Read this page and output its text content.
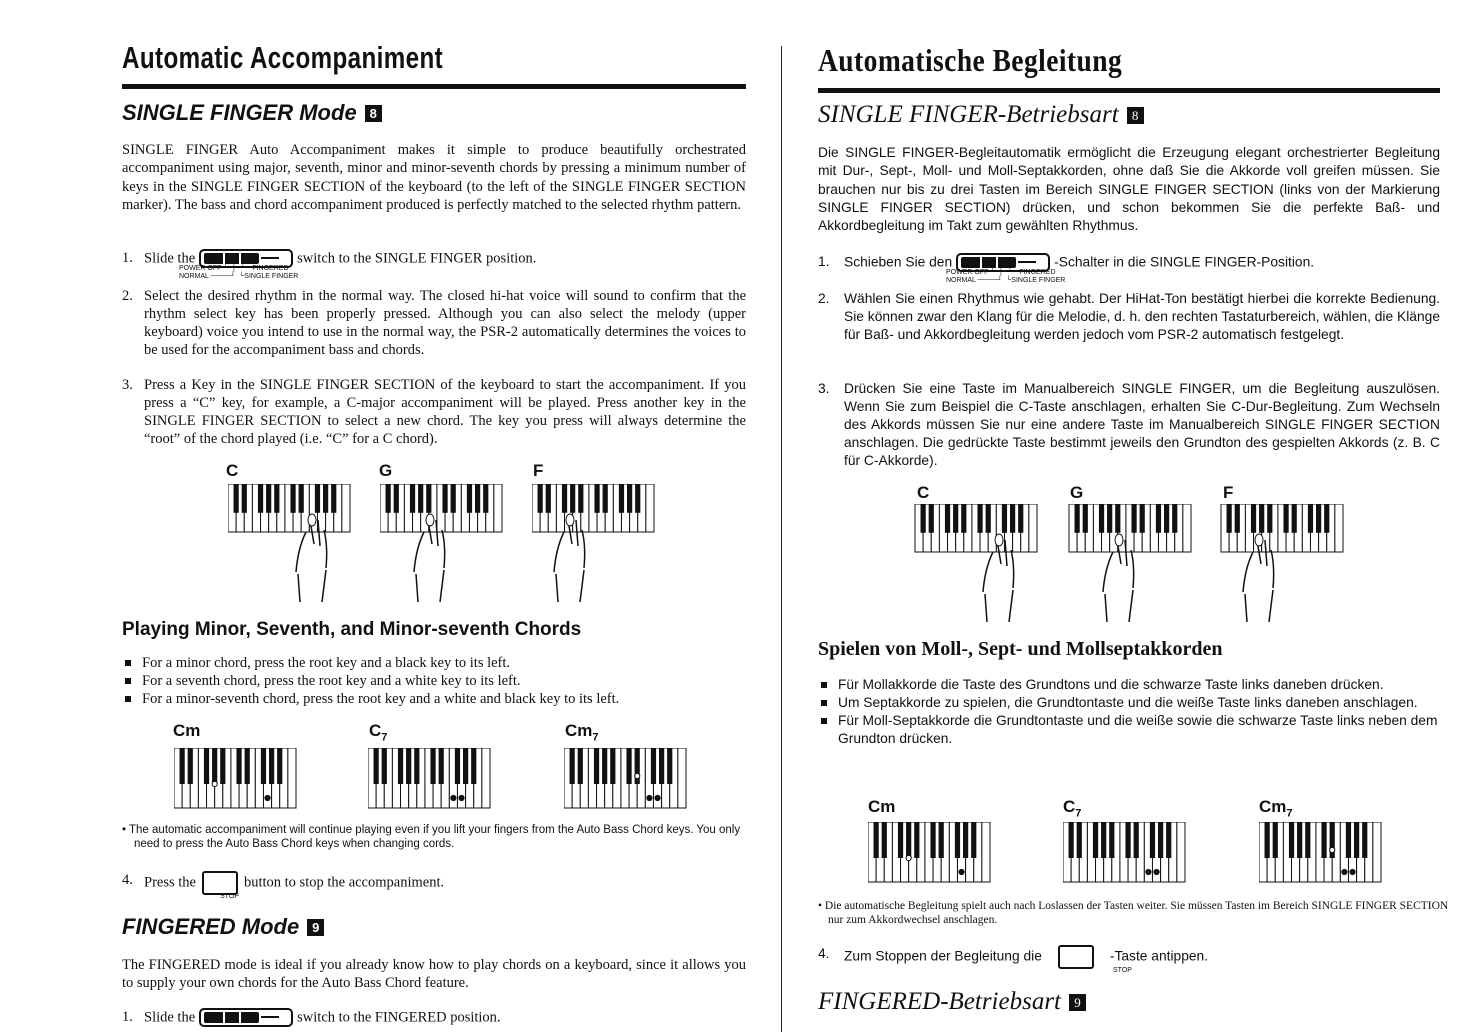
Automatic Accompaniment
SINGLE FINGER Mode 8
SINGLE FINGER Auto Accompaniment makes it simple to produce beautifully orchestrated accompaniment using major, seventh, minor and minor-seventh chords by pressing a minimum number of keys in the SINGLE FINGER SECTION of the keyboard (to the left of the SINGLE FINGER SECTION marker). The bass and chord accompaniment produced is perfectly matched to the selected rhythm pattern.
1. Slide the	switch to the SINGLE FINGER position.
POWER OFF ┘  │  └─ FINGERED
NORMAL ────┘  └SINGLE FINGER
2. Select the desired rhythm in the normal way. The closed hi-hat voice will sound to confirm that the rhythm select key has been properly pressed. Although you can also select the melody (upper keyboard) voice you intend to use in the normal way, the PSR-2 automatically determines the voices to be used for the accompaniment bass and chords.
3. Press a Key in the SINGLE FINGER SECTION of the keyboard to start the accompaniment. If you press a “C” key, for example, a C-major accompaniment will be played. Press another key in the SINGLE FINGER SECTION to select a new chord. The key you press will always determine the “root” of the chord played (i.e. “C” for a C chord).
C	G	F
Playing Minor, Seventh, and Minor-seventh Chords

For a minor chord, press the root key and a black key to its left.

For a seventh chord, press the root key and a white key to its left.

For a minor-seventh chord, press the root key and a white and black key to its left.

Cm	$C_7$	$Cm_7$
• The automatic accompaniment will continue playing even if you lift your fingers from the Auto Bass Chord keys. You only need to press the Auto Bass Chord keys when changing cords.
4. Press the	button to stop the accompaniment.
STOP
FINGERED Mode 9
The FINGERED mode is ideal if you already know how to play chords on a keyboard, since it allows you to supply your own chords for the Auto Bass Chord feature.
1. Slide the	switch to the FINGERED position.
Automatische Begleitung
SINGLE FINGER-Betriebsart 8
Die SINGLE FINGER-Begleitautomatik ermöglicht die Erzeugung elegant orchestrierter Begleitung mit Dur-, Sept-, Moll- und Moll-Septakkorden, ohne daß Sie die Akkorde voll greifen müssen. Sie brauchen nur bis zu drei Tasten im Bereich SINGLE FINGER SECTION (links von der Markierung SINGLE FINGER SECTION) drücken, und schon bekommen Sie die perfekte Baß- und Akkordbegleitung im Takt zum gewählten Rhythmus.
1. Schieben Sie den	-Schalter in die SINGLE FINGER-Position.
POWER OFF ┘  │  └─ FINGERED
NORMAL ────┘  └SINGLE FINGER
2. Wählen Sie einen Rhythmus wie gehabt. Der HiHat-Ton bestätigt hierbei die korrekte Bedienung. Sie können zwar den Klang für die Melodie, d. h. den rechten Tastaturbereich, wählen, die Klänge für Baß- und Akkordbegleitung werden jedoch vom PSR-2 automatisch festgelegt.
3. Drücken Sie eine Taste im Manualbereich SINGLE FINGER, um die Begleitung auszulösen. Wenn Sie zum Beispiel die C-Taste anschlagen, erhalten Sie C-Dur-Begleitung. Zum Wechseln des Akkords müssen Sie nur eine andere Taste im Manualbereich SINGLE FINGER SECTION anschlagen. Die gedrückte Taste bestimmt jeweils den Grundton des gespielten Akkords (z. B. C für C-Akkorde).
C	G	F
Spielen von Moll-, Sept- und Mollseptakkorden

Für Mollakkorde die Taste des Grundtons und die schwarze Taste links daneben drücken.

Um Septakkorde zu spielen, die Grundtontaste und die weiße Taste links daneben anschlagen.

Für Moll-Septakkorde die Grundtontaste und die weiße sowie die schwarze Taste links neben dem Grundton drücken.

Cm	$C_7$	$Cm_7$
• Die automatische Begleitung spielt auch nach Loslassen der Tasten weiter. Sie müssen Tasten im Bereich SINGLE FINGER SECTION nur zum Akkordwechsel anschlagen.
4. Zum Stoppen der Begleitung die	-Taste antippen.
STOP
FINGERED-Betriebsart 9
